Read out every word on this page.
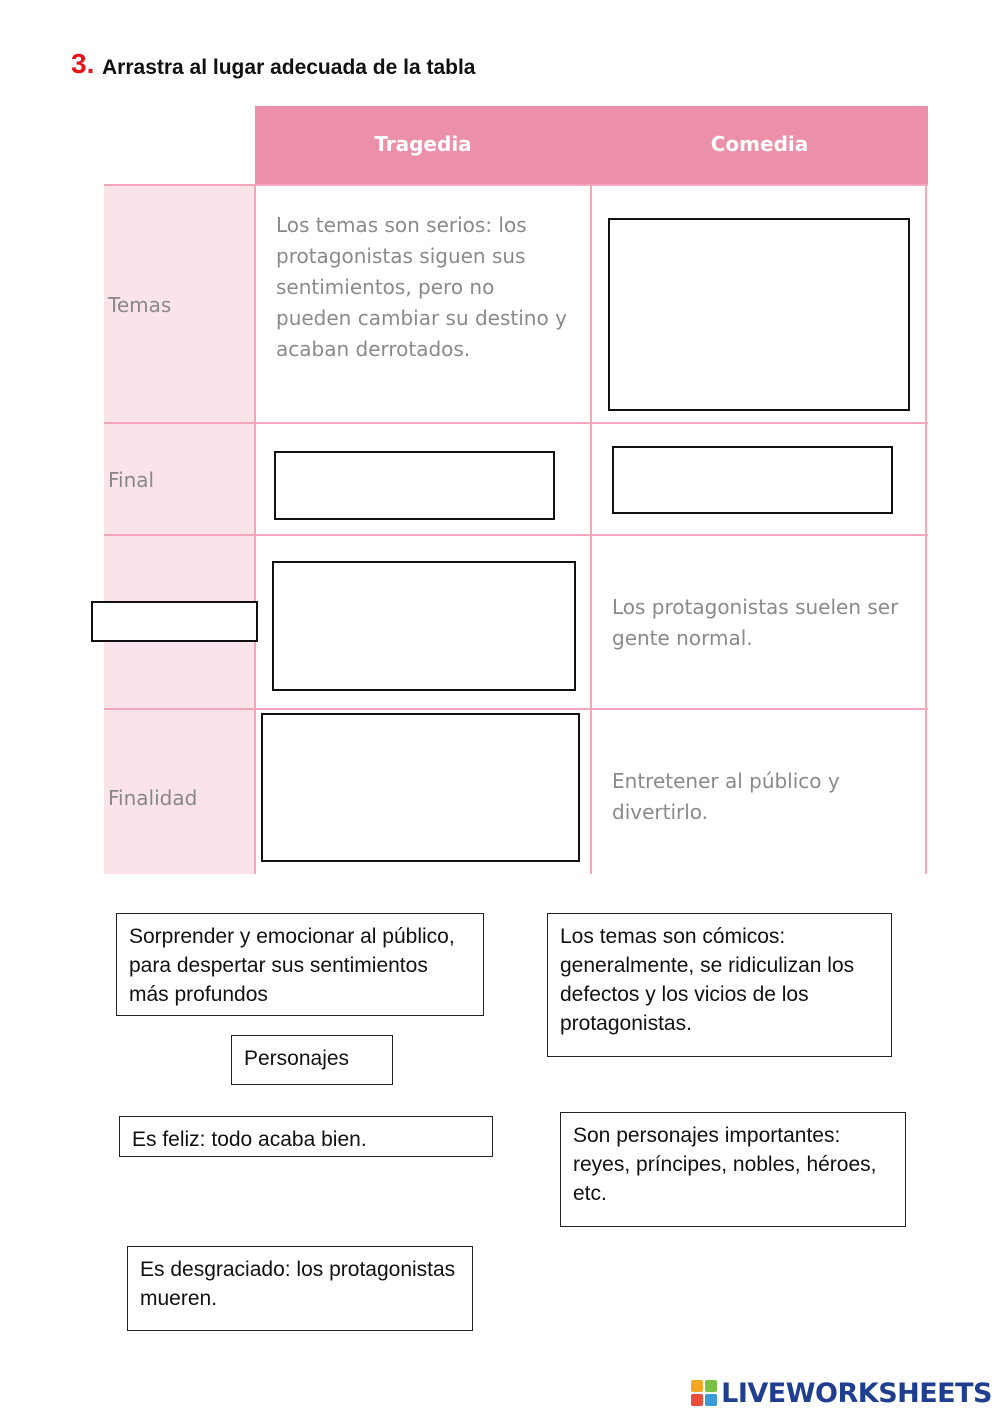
3. Arrastra al lugar adecuada de la tabla
Tragedia	Comedia
Temas
Final
Finalidad
Los temas son serios: los protagonistas siguen sus sentimientos, pero no pueden cambiar su destino y acaban derrotados.
Los protagonistas suelen ser gente normal.
Entretener al público y divertirlo.
Sorprender y emocionar al público, para despertar sus sentimientos más profundos
Los temas son cómicos: generalmente, se ridiculizan los defectos y los vicios de los protagonistas.
Personajes
Es feliz: todo acaba bien.	Son personajes importantes: reyes, príncipes, nobles, héroes, etc.
Es desgraciado: los protagonistas mueren.
LIVEWORKSHEETS
